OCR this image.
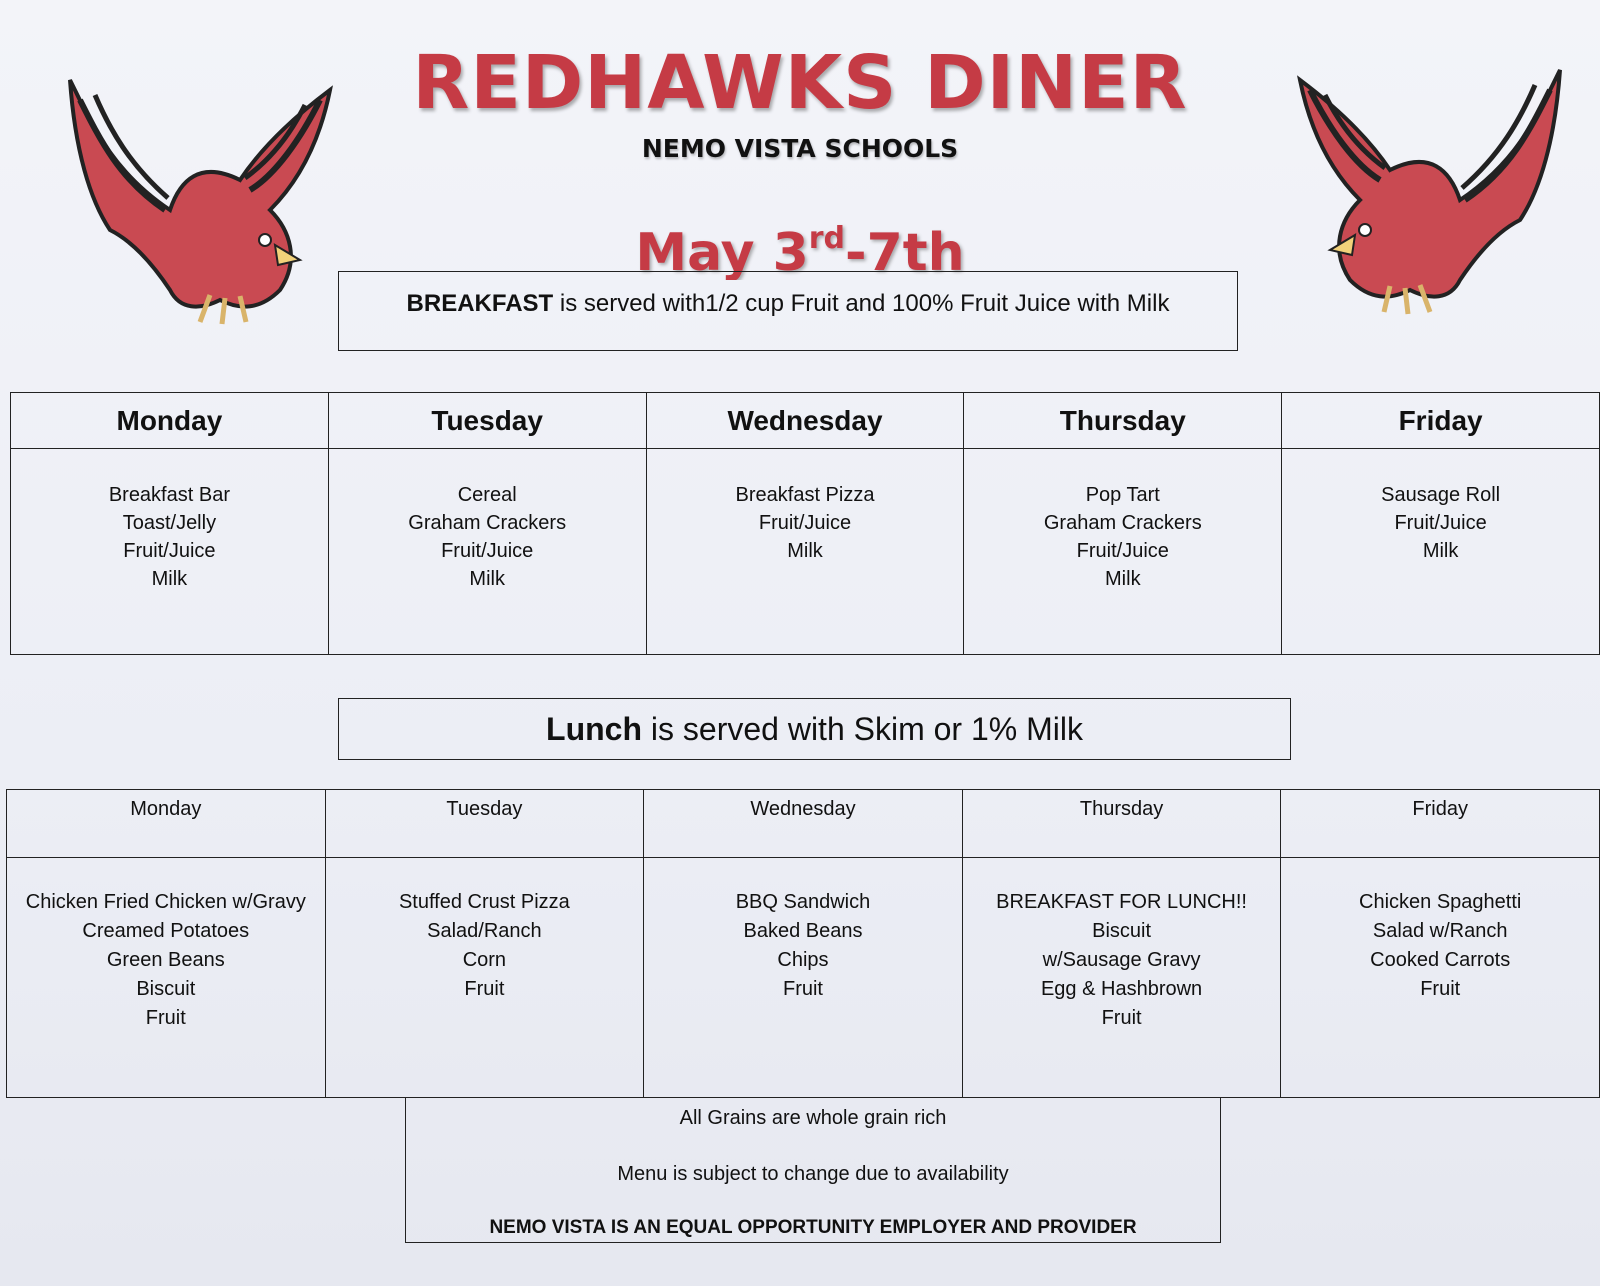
REDHAWKS DINER
NEMO VISTA SCHOOLS
May 3rd-7th
BREAKFAST is served with1/2 cup Fruit and 100% Fruit Juice with Milk
Monday	Tuesday	Wednesday	Thursday	Friday

Breakfast Bar
Toast/Jelly
Fruit/Juice
Milk	Cereal
Graham Crackers
Fruit/Juice
Milk	Breakfast Pizza
Fruit/Juice
Milk	Pop Tart
Graham Crackers
Fruit/Juice
Milk	Sausage Roll
Fruit/Juice
Milk
Lunch is served with Skim or 1% Milk
Monday	Tuesday	Wednesday	Thursday	Friday

Chicken Fried Chicken w/Gravy
Creamed Potatoes
Green Beans
Biscuit
Fruit	Stuffed Crust Pizza
Salad/Ranch
Corn
Fruit	BBQ Sandwich
Baked Beans
Chips
Fruit	BREAKFAST FOR LUNCH!!
Biscuit
w/Sausage Gravy
Egg & Hashbrown
Fruit	Chicken Spaghetti
Salad w/Ranch
Cooked Carrots
Fruit
All Grains are whole grain rich
Menu is subject to change due to availability
NEMO VISTA IS AN EQUAL OPPORTUNITY EMPLOYER AND PROVIDER
